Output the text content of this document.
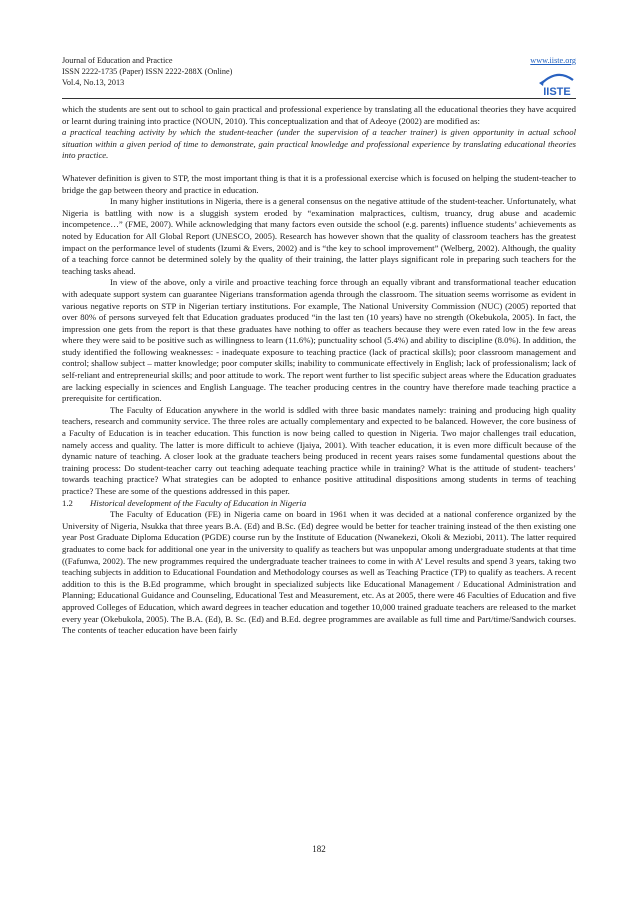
Journal of Education and Practice	www.iiste.org
ISSN 2222-1735 (Paper) ISSN 2222-288X (Online)
Vol.4, No.13, 2013
IISTE

which the students are sent out to school to gain practical and professional experience by translating all the educational theories they have acquired or learnt during training into practice (NOUN, 2010). This conceptualization and that of Adeoye (2002) are modified as:

a practical teaching activity by which the student-teacher (under the supervision of a teacher trainer) is given opportunity in actual school situation within a given period of time to demonstrate, gain practical knowledge and professional experience by translating educational theories into practice.

Whatever definition is given to STP, the most important thing is that it is a professional exercise which is focused on helping the student-teacher to bridge the gap between theory and practice in education.

In many higher institutions in Nigeria, there is a general consensus on the negative attitude of the student-teacher. Unfortunately, what Nigeria is battling with now is a sluggish system eroded by “examination malpractices, cultism, truancy, drug abuse and academic incompetence…” (FME, 2007). While acknowledging that many factors even outside the school (e.g. parents) influence students’ achievements as noted by Education for All Global Report (UNESCO, 2005). Research has however shown that the quality of classroom teachers has the greatest impact on the performance level of students (Izumi & Evers, 2002) and is “the key to school improvement” (Welberg, 2002). Although, the quality of a teaching force cannot be determined solely by the quality of their training, the latter plays significant role in preparing such teachers for the teaching tasks ahead.

In view of the above, only a virile and proactive teaching force through an equally vibrant and transformational teacher education with adequate support system can guarantee Nigerians transformation agenda through the classroom. The situation seems worrisome as evident in various negative reports on STP in Nigerian tertiary institutions. For example, The National University Commission (NUC) (2005) reported that over 80% of persons surveyed felt that Education graduates produced “in the last ten (10 years) have no strength (Okebukola, 2005). In fact, the impression one gets from the report is that these graduates have nothing to offer as teachers because they were even rated low in the few areas where they were said to be positive such as willingness to learn (11.6%); punctuality school (5.4%) and ability to discipline (8.0%). In addition, the study identified the following weaknesses: - inadequate exposure to teaching practice (lack of practical skills); poor classroom management and control; shallow subject – matter knowledge; poor computer skills; inability to communicate effectively in English; lack of professionalism; lack of self-reliant and entrepreneurial skills; and poor attitude to work. The report went further to list specific subject areas where the Education graduates are lacking especially in sciences and English Language. The teacher producing centres in the country have therefore made teaching practice a prerequisite for certification.

The Faculty of Education anywhere in the world is sddled with three basic mandates namely: training and producing high quality teachers, research and community service. The three roles are actually complementary and expected to be balanced. However, the core business of a Faculty of Education is in teacher education. This function is now being called to question in Nigeria. Two major challenges trail education, namely access and quality. The latter is more difficult to achieve (Ijaiya, 2001). With teacher education, it is even more difficult because of the dynamic nature of teaching. A closer look at the graduate teachers being produced in recent years raises some fundamental questions about the training process: Do student-teacher carry out teaching adequate teaching practice while in training? What is the attitude of student- teachers’ towards teaching practice? What strategies can be adopted to enhance positive attitudinal dispositions among students in terms of teaching practice? These are some of the questions addressed in this paper.

1.2	Historical development of the Faculty of Education in Nigeria

The Faculty of Education (FE) in Nigeria came on board in 1961 when it was decided at a national conference organized by the University of Nigeria, Nsukka that three years B.A. (Ed) and B.Sc. (Ed) degree would be better for teacher training instead of the then existing one year Post Graduate Diploma Education (PGDE) course run by the Institute of Education (Nwanekezi, Okoli & Meziobi, 2011). The latter required graduates to come back for additional one year in the university to qualify as teachers but was unpopular among undergraduate students at that time ((Fafunwa, 2002). The new programmes required the undergraduate teacher trainees to come in with A’ Level results and spend 3 years, taking two teaching subjects in addition to Educational Foundation and Methodology courses as well as Teaching Practice (TP) to qualify as teachers. A recent addition to this is the B.Ed programme, which brought in specialized subjects like Educational Management / Educational Administration and Planning; Educational Guidance and Counseling, Educational Test and Measurement, etc. As at 2005, there were 46 Faculties of Education and five approved Colleges of Education, which award degrees in teacher education and together 10,000 trained graduate teachers are released to the market every year (Okebukola, 2005). The B.A. (Ed), B. Sc. (Ed) and B.Ed. degree programmes are available as full time and Part/time/Sandwich courses. The contents of teacher education have been fairly

182
